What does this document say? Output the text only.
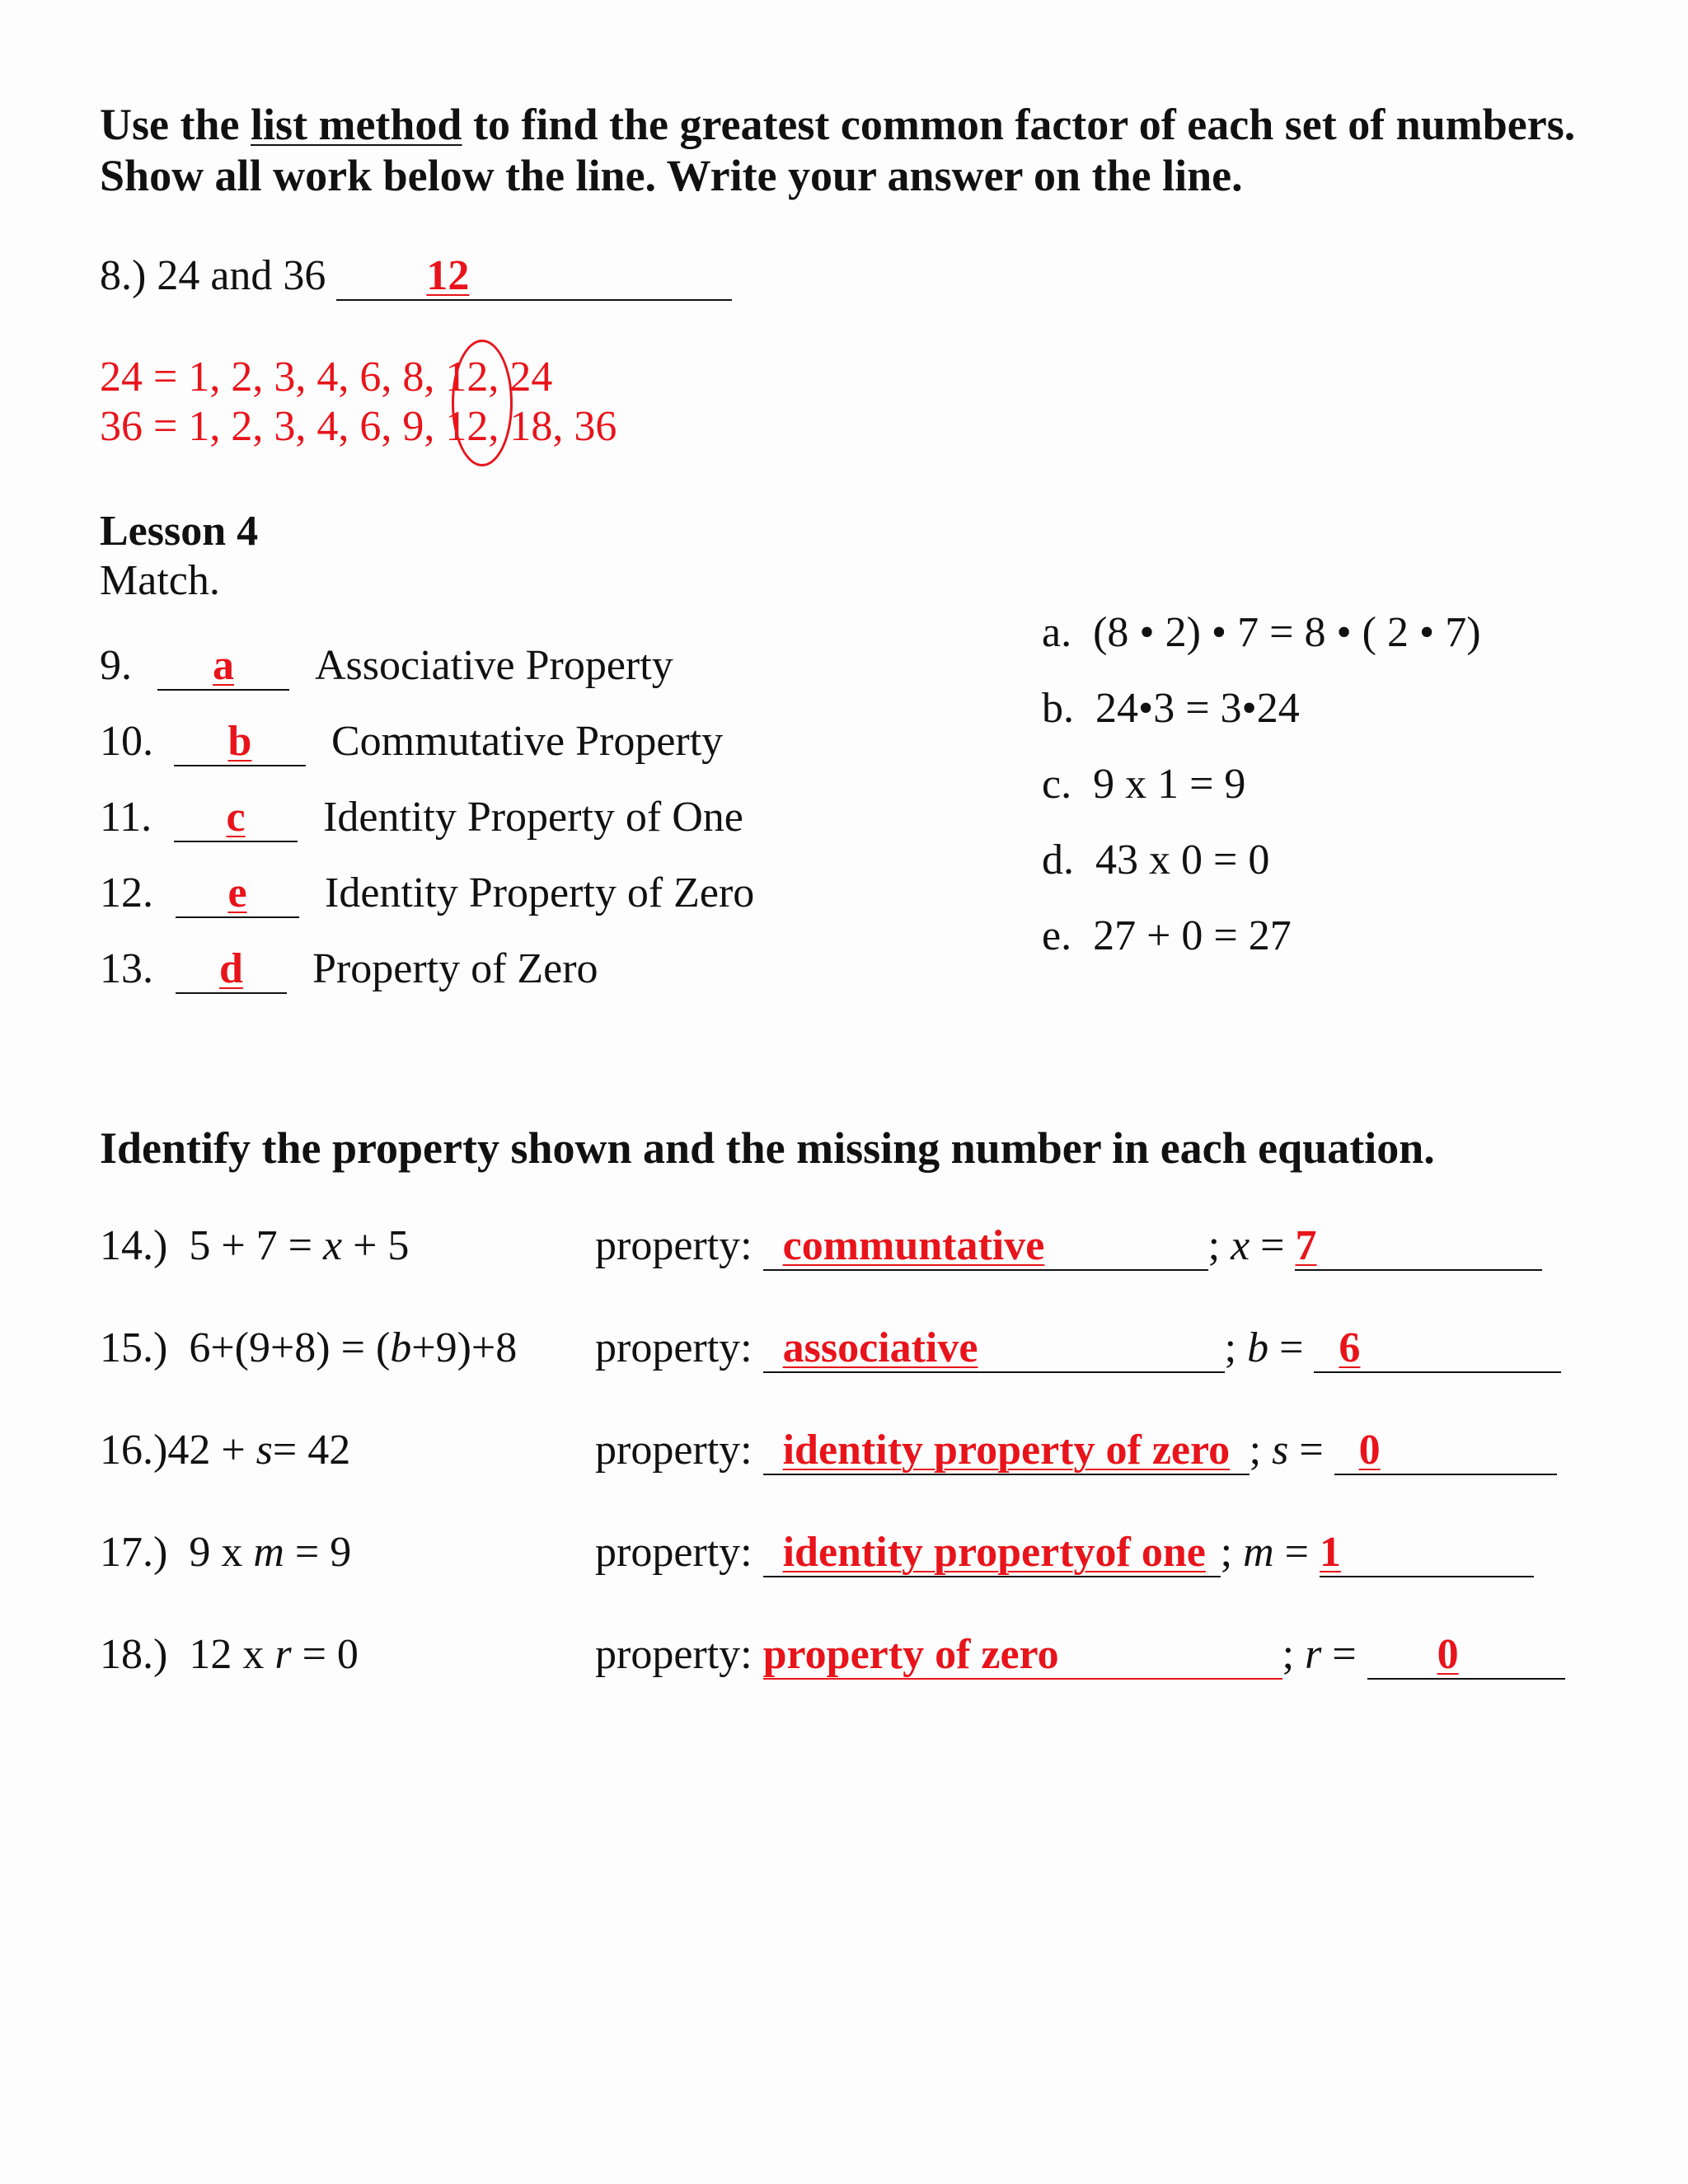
Use the list method to find the greatest common factor of each set of numbers.
Show all work below the line. Write your answer on the line.
8.) 24 and 36 12
24 = 1, 2, 3, 4, 6, 8, 12, 24
36 = 1, 2, 3, 4, 6, 9, 12, 18, 36
Lesson 4
Match.
9. a Associative Property
10. b Commutative Property
11. c Identity Property of One
12. e Identity Property of Zero
13. d Property of Zero
a. (8 • 2) • 7 = 8 • ( 2 • 7)
b. 24•3 = 3•24
c. 9 x 1 = 9
d. 43 x 0 = 0
e. 27 + 0 = 27
Identify the property shown and the missing number in each equation.
14.) 5 + 7 = x + 5	property: communtative	; x = 7
15.) 6+(9+8) = (b+9)+8 property: associative	; b = 6
16.)42 + s= 42	property: identity property of zero ; s = 0
17.) 9 x m = 9	property: identity propertyof one ; m = 1
18.) 12 x r = 0	property: property of zero	; r = 0
